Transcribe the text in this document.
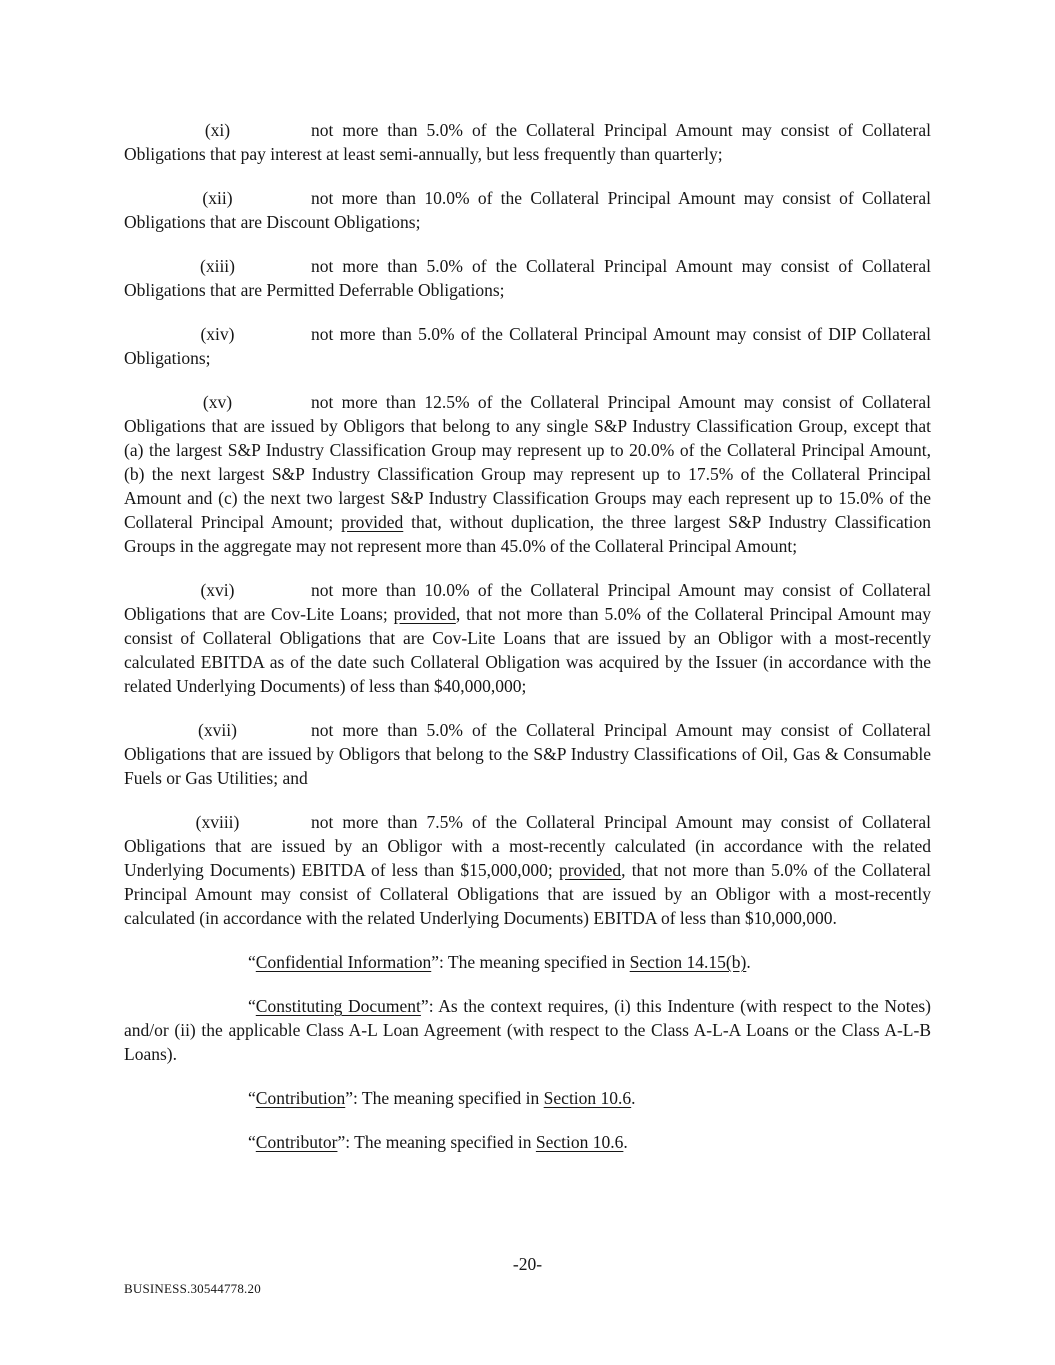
(xi)	not more than 5.0% of the Collateral Principal Amount may consist of Collateral Obligations that pay interest at least semi-annually, but less frequently than quarterly;
(xii)	not more than 10.0% of the Collateral Principal Amount may consist of Collateral Obligations that are Discount Obligations;
(xiii)	not more than 5.0% of the Collateral Principal Amount may consist of Collateral Obligations that are Permitted Deferrable Obligations;
(xiv)	not more than 5.0% of the Collateral Principal Amount may consist of DIP Collateral Obligations;
(xv)	not more than 12.5% of the Collateral Principal Amount may consist of Collateral Obligations that are issued by Obligors that belong to any single S&P Industry Classification Group, except that (a) the largest S&P Industry Classification Group may represent up to 20.0% of the Collateral Principal Amount, (b) the next largest S&P Industry Classification Group may represent up to 17.5% of the Collateral Principal Amount and (c) the next two largest S&P Industry Classification Groups may each represent up to 15.0% of the Collateral Principal Amount; provided that, without duplication, the three largest S&P Industry Classification Groups in the aggregate may not represent more than 45.0% of the Collateral Principal Amount;
(xvi)	not more than 10.0% of the Collateral Principal Amount may consist of Collateral Obligations that are Cov-Lite Loans; provided, that not more than 5.0% of the Collateral Principal Amount may consist of Collateral Obligations that are Cov-Lite Loans that are issued by an Obligor with a most-recently calculated EBITDA as of the date such Collateral Obligation was acquired by the Issuer (in accordance with the related Underlying Documents) of less than $40,000,000;
(xvii)	not more than 5.0% of the Collateral Principal Amount may consist of Collateral Obligations that are issued by Obligors that belong to the S&P Industry Classifications of Oil, Gas & Consumable Fuels or Gas Utilities; and
(xviii)	not more than 7.5% of the Collateral Principal Amount may consist of Collateral Obligations that are issued by an Obligor with a most-recently calculated (in accordance with the related Underlying Documents) EBITDA of less than $15,000,000; provided, that not more than 5.0% of the Collateral Principal Amount may consist of Collateral Obligations that are issued by an Obligor with a most-recently calculated (in accordance with the related Underlying Documents) EBITDA of less than $10,000,000.
“Confidential Information”: The meaning specified in Section 14.15(b).
“Constituting Document”: As the context requires, (i) this Indenture (with respect to the Notes) and/or (ii) the applicable Class A-L Loan Agreement (with respect to the Class A-L-A Loans or the Class A-L-B Loans).
“Contribution”: The meaning specified in Section 10.6.
“Contributor”: The meaning specified in Section 10.6.
-20-
BUSINESS.30544778.20
